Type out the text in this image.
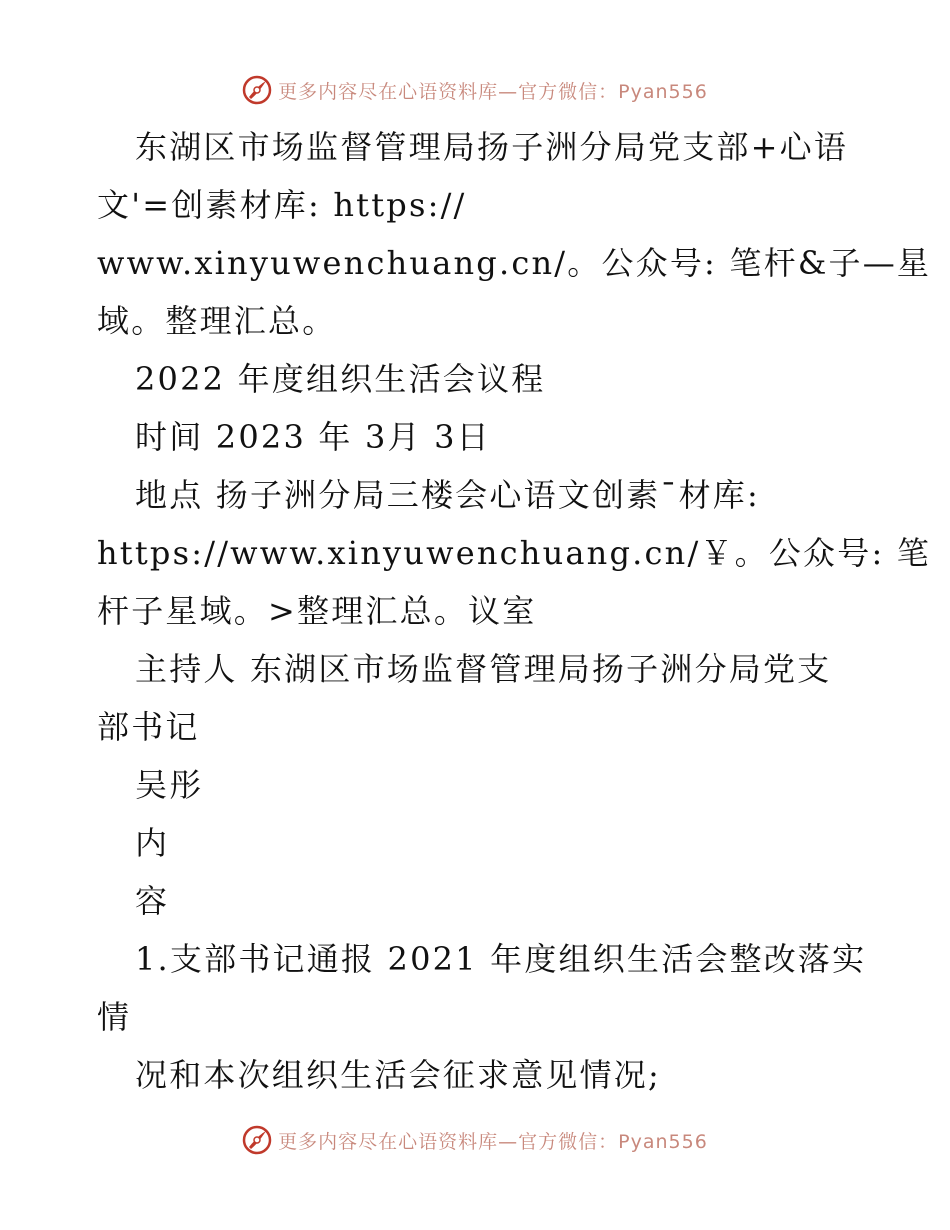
更多内容尽在心语资料库—官方微信：Pyan556
东湖区市场监督管理局扬子洲分局党支部+心语
文'=创素材库: https://
www.xinyuwenchuang.cn/。公众号: 笔杆&子—星
域。整理汇总。
2022 年度组织生活会议程
时间 2023 年 3月 3日
地点 扬子洲分局三楼会心语文创素¯材库:
https://www.xinyuwenchuang.cn/￥。公众号: 笔
杆子星域。>整理汇总。议室
主持人 东湖区市场监督管理局扬子洲分局党支
部书记
吴彤
内
容
1.支部书记通报 2021 年度组织生活会整改落实
情
况和本次组织生活会征求意见情况;
更多内容尽在心语资料库—官方微信：Pyan556
